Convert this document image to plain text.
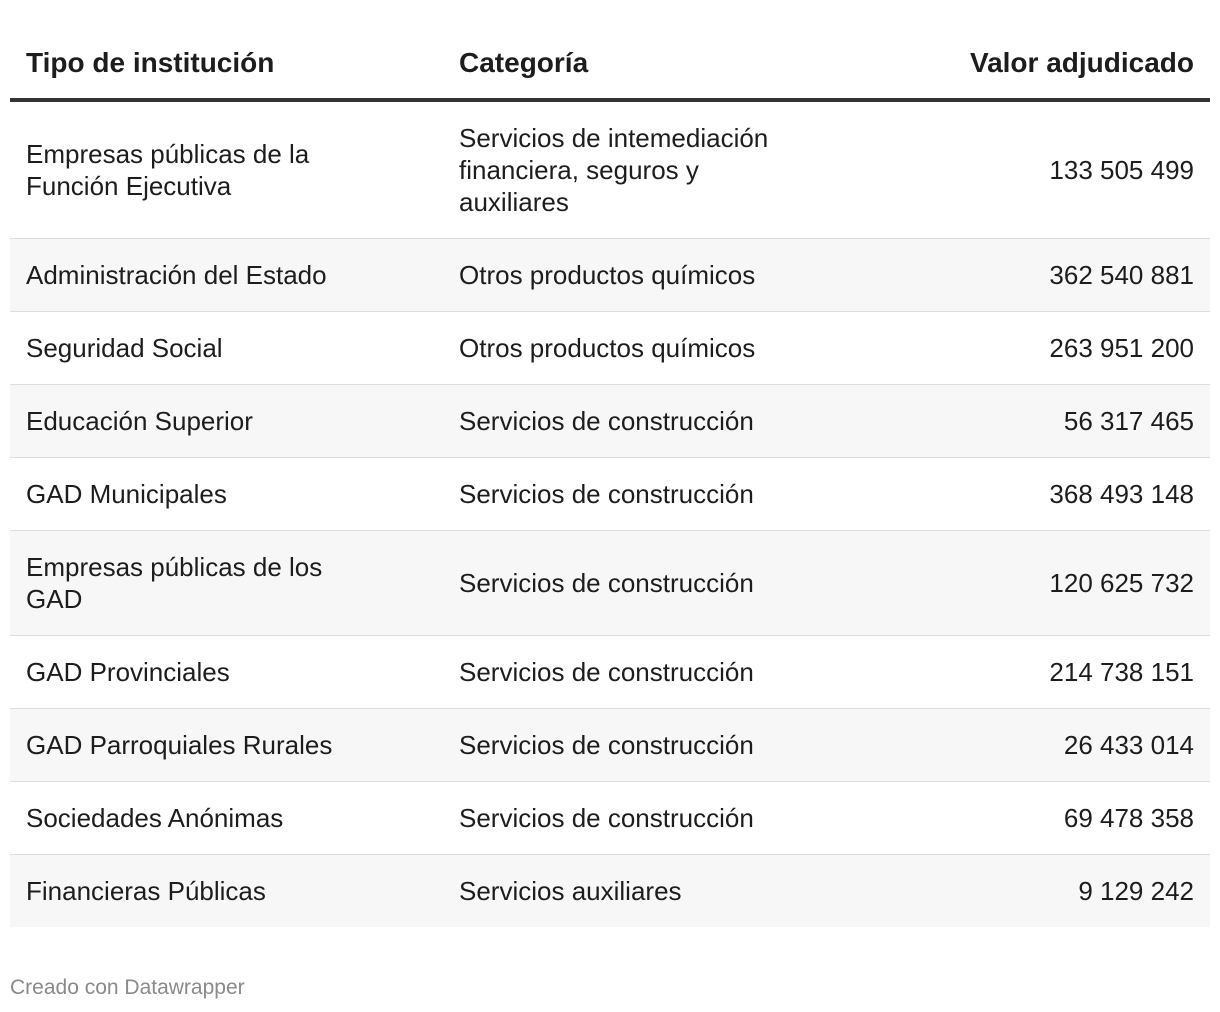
Tipo de institución	Categoría	Valor adjudicado

Empresas públicas de la Función Ejecutiva	Servicios de intemediación financiera, seguros y auxiliares	133 505 499
Administración del Estado	Otros productos químicos	362 540 881
Seguridad Social	Otros productos químicos	263 951 200
Educación Superior	Servicios de construcción	56 317 465
GAD Municipales	Servicios de construcción	368 493 148

Empresas públicas de los GAD	Servicios de construcción	120 625 732
GAD Provinciales	Servicios de construcción	214 738 151
GAD Parroquiales Rurales	Servicios de construcción	26 433 014
Sociedades Anónimas	Servicios de construcción	69 478 358
Financieras Públicas	Servicios auxiliares	9 129 242
Creado con Datawrapper
